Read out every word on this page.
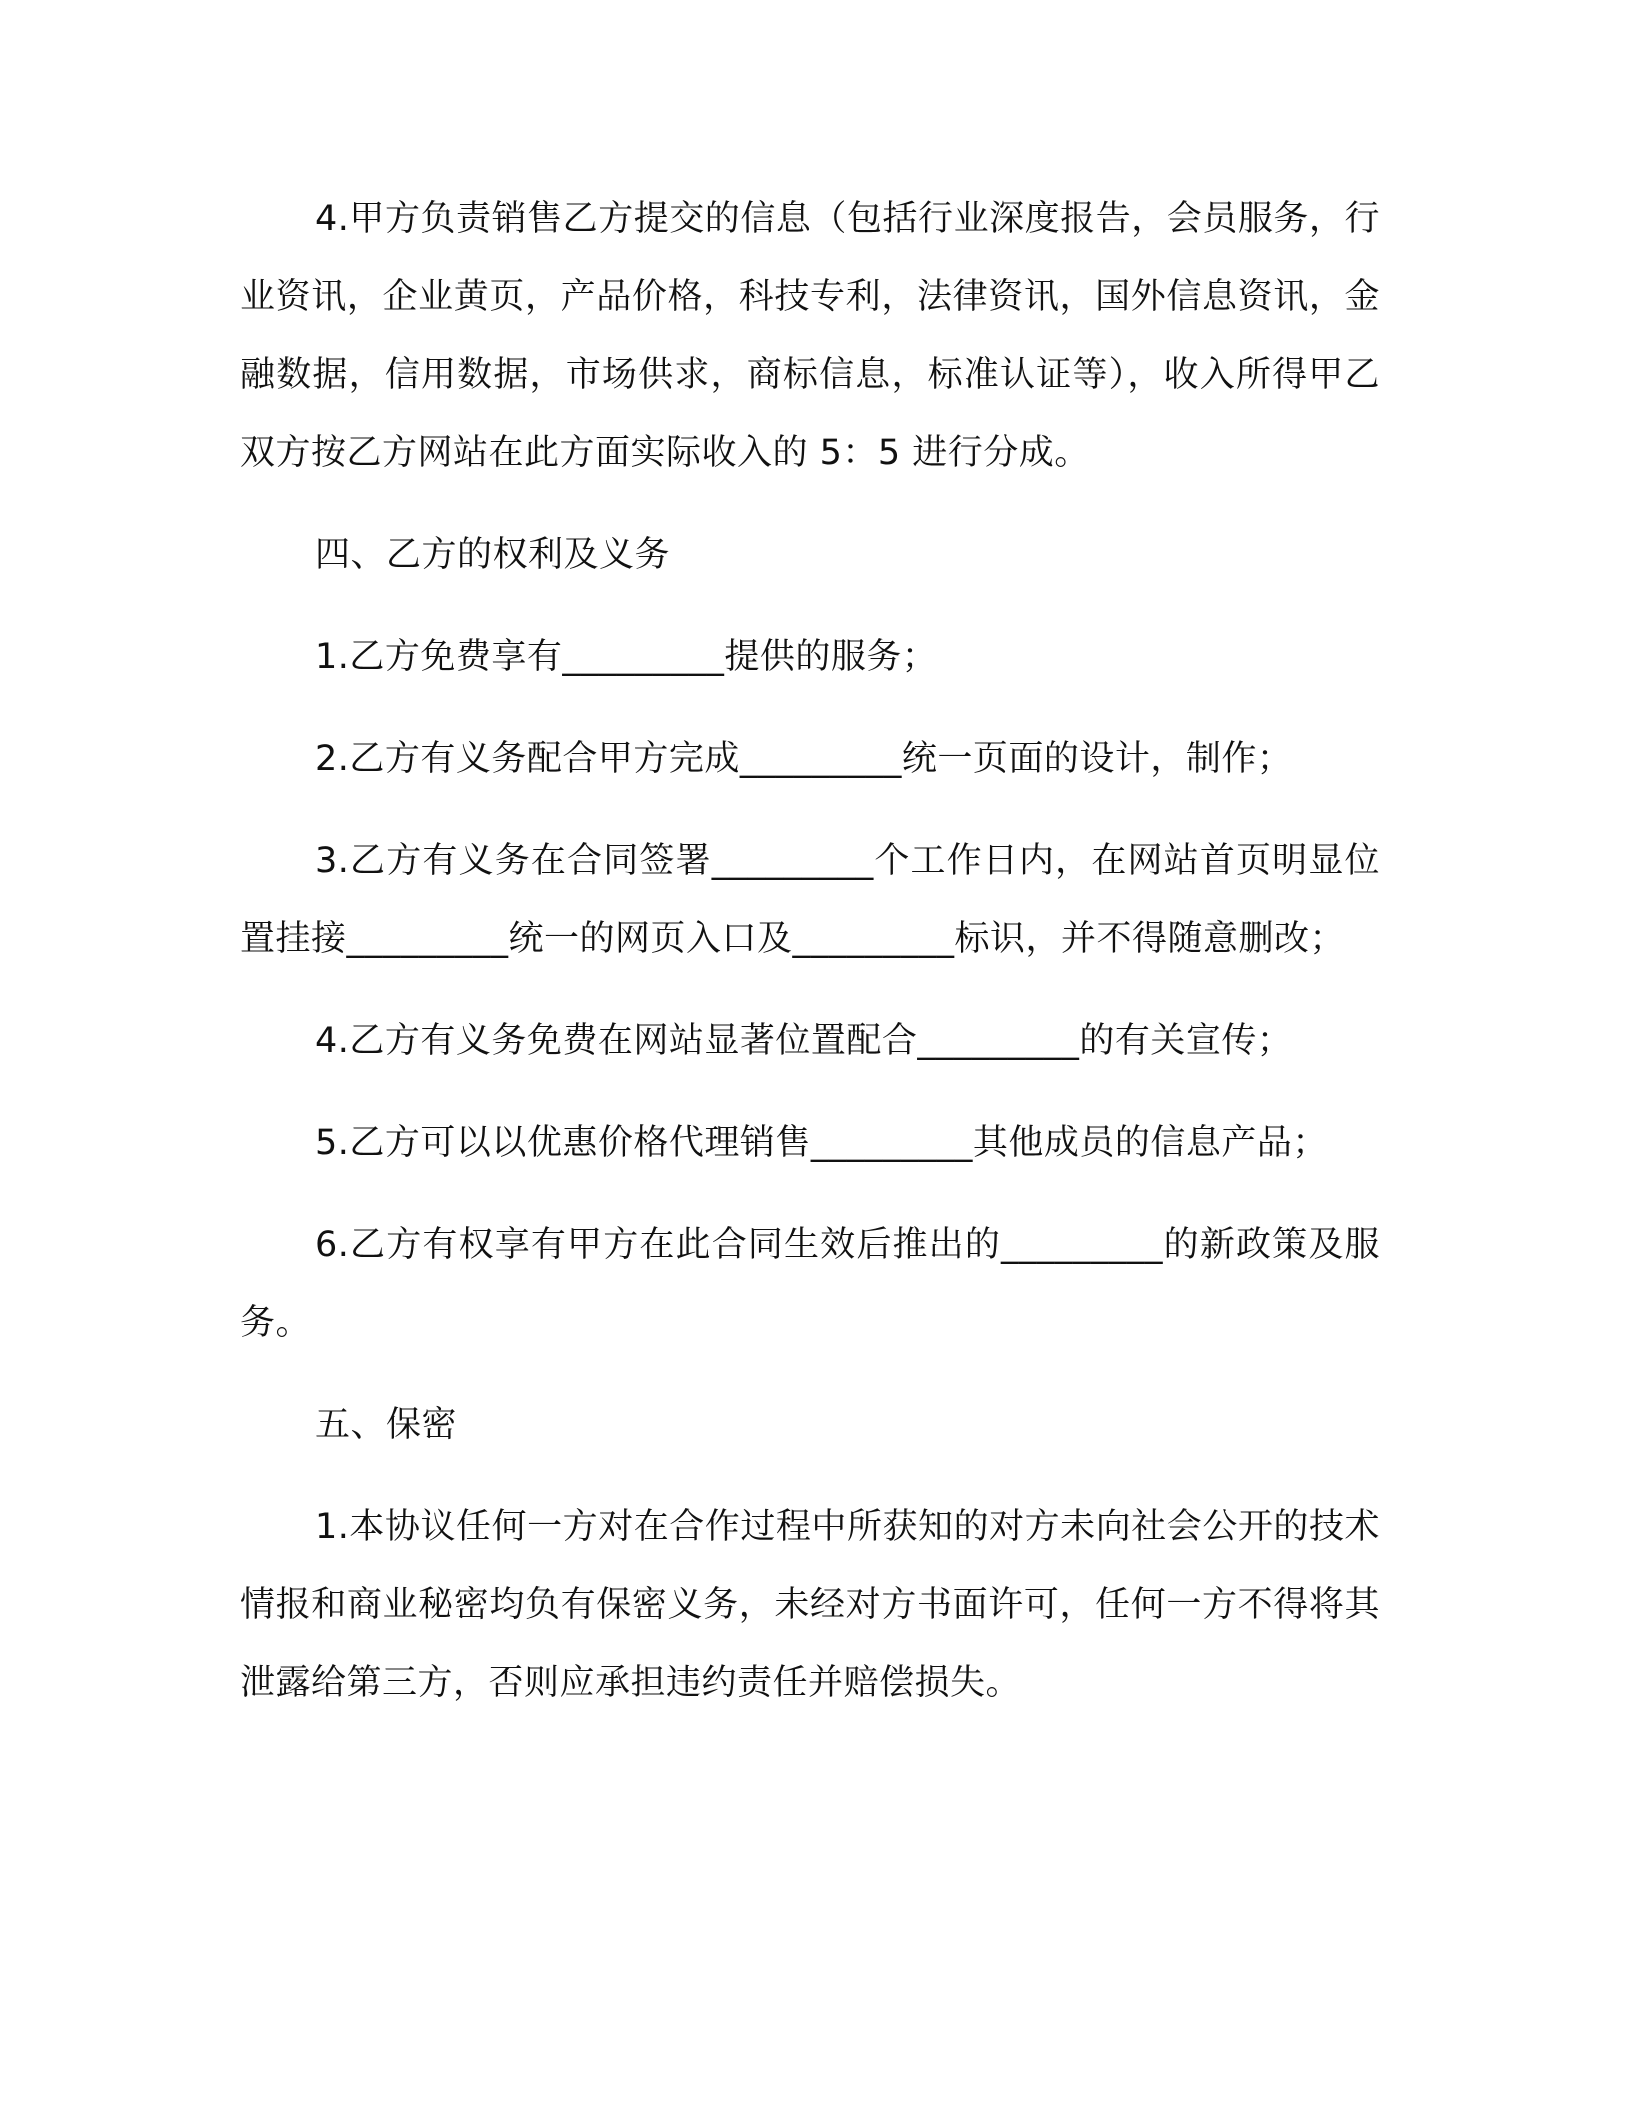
4.甲方负责销售乙方提交的信息（包括行业深度报告，会员服务，行业资讯，企业黄页，产品价格，科技专利，法律资讯，国外信息资讯，金融数据，信用数据，市场供求，商标信息，标准认证等），收入所得甲乙双方按乙方网站在此方面实际收入的 5：5 进行分成。

四、乙方的权利及义务

1.乙方免费享有_________提供的服务；

2.乙方有义务配合甲方完成_________统一页面的设计，制作；

3.乙方有义务在合同签署_________个工作日内，在网站首页明显位置挂接_________统一的网页入口及_________标识，并不得随意删改；

4.乙方有义务免费在网站显著位置配合_________的有关宣传；

5.乙方可以以优惠价格代理销售_________其他成员的信息产品；

6.乙方有权享有甲方在此合同生效后推出的_________的新政策及服务。

五、保密

1.本协议任何一方对在合作过程中所获知的对方未向社会公开的技术情报和商业秘密均负有保密义务，未经对方书面许可，任何一方不得将其泄露给第三方，否则应承担违约责任并赔偿损失。
